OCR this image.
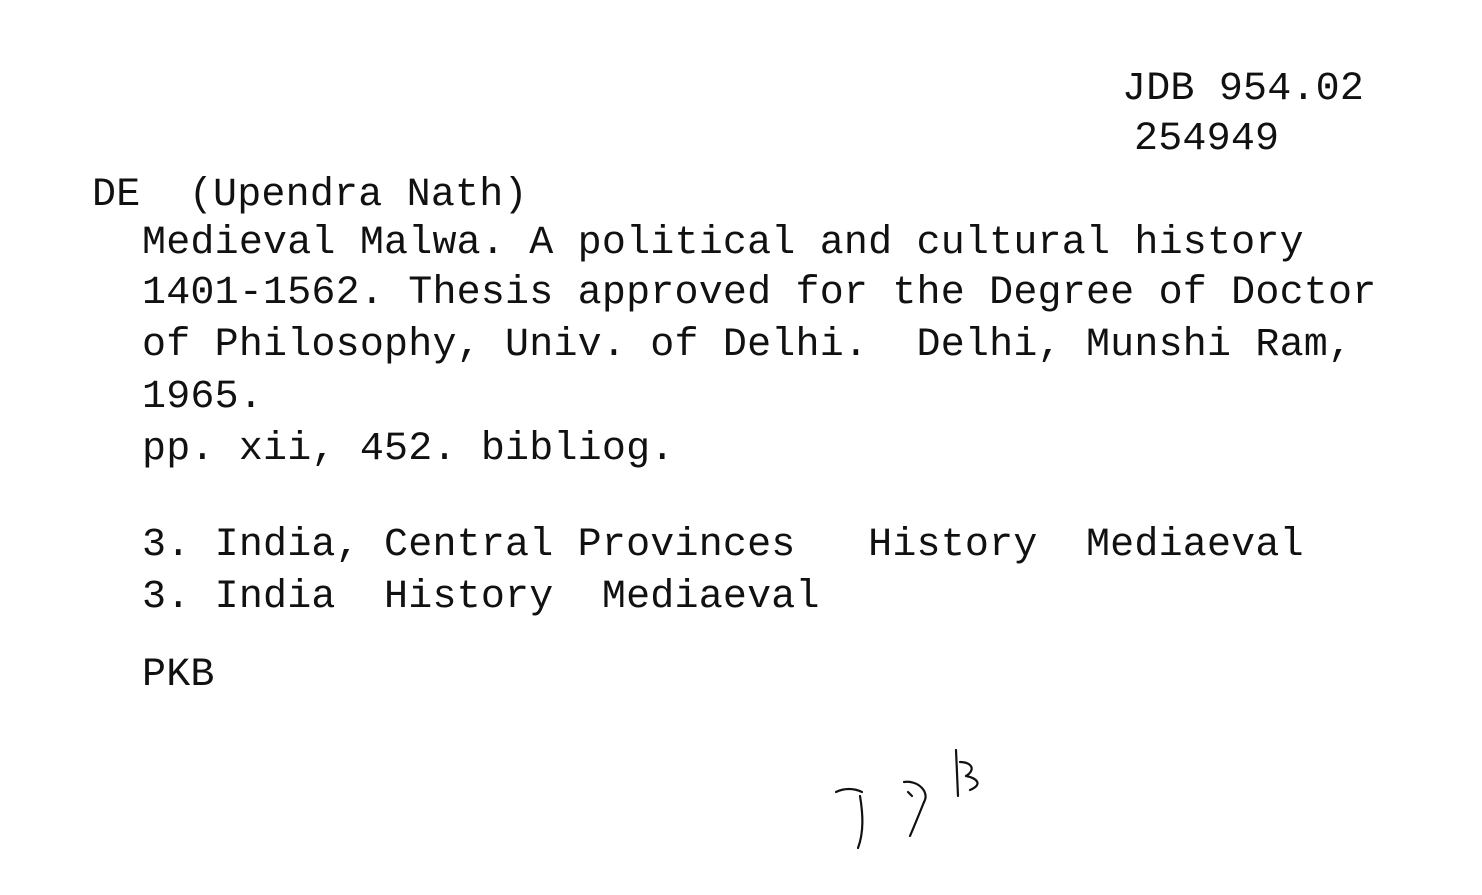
JDB 954.02
254949
DE  (Upendra Nath)
Medieval Malwa. A political and cultural history
1401-1562. Thesis approved for the Degree of Doctor
of Philosophy, Univ. of Delhi.  Delhi, Munshi Ram,
1965.
pp. xii, 452. bibliog.
3. India, Central Provinces   History  Mediaeval
3. India  History  Mediaeval
PKB
